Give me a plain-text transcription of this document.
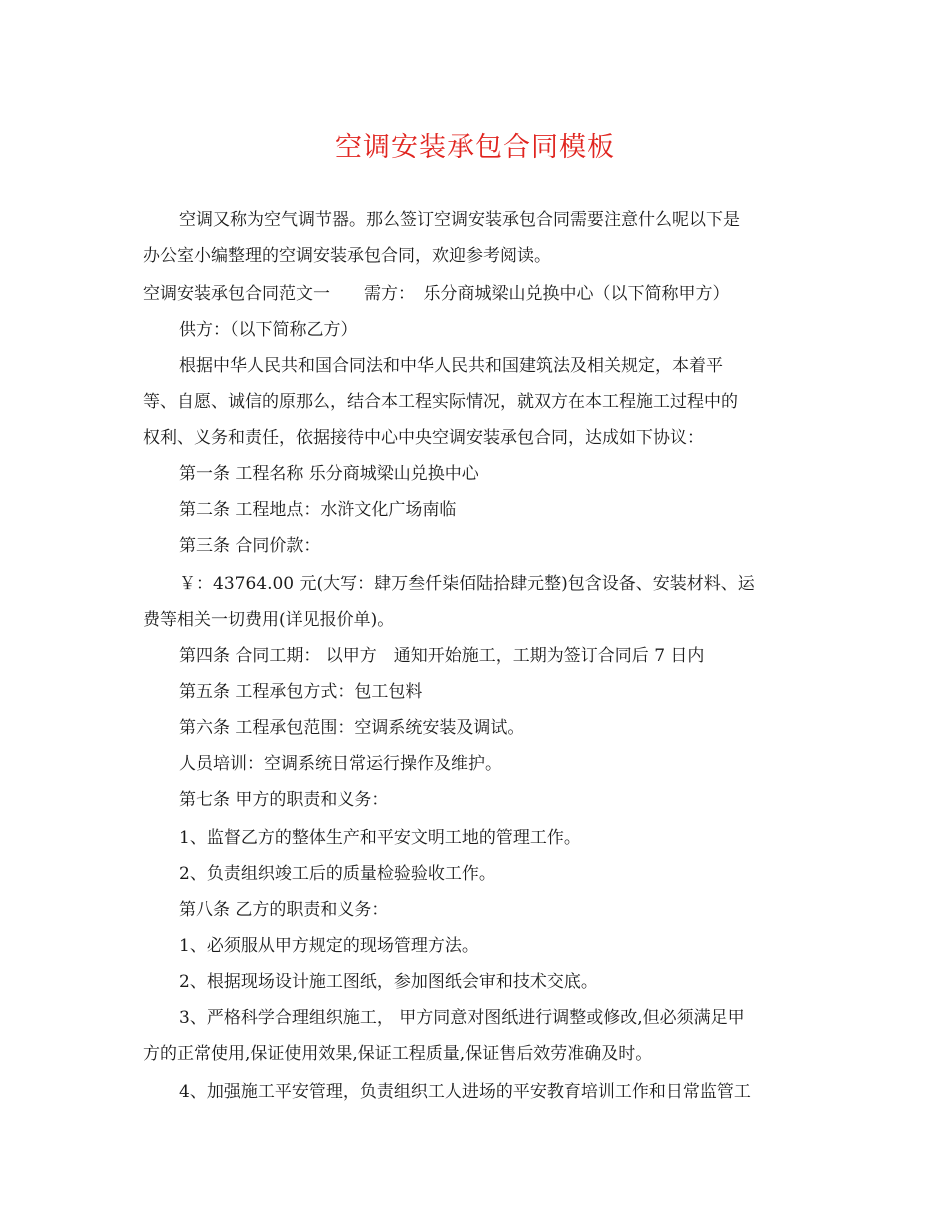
空调安装承包合同模板
空调又称为空气调节器。那么签订空调安装承包合同需要注意什么呢以下是
办公室小编整理的空调安装承包合同，欢迎参考阅读。
空调安装承包合同范文一　　需方：　乐分商城梁山兑换中心（以下简称甲方）
供方：（以下简称乙方）
根据中华人民共和国合同法和中华人民共和国建筑法及相关规定，本着平
等、自愿、诚信的原那么，结合本工程实际情况，就双方在本工程施工过程中的
权利、义务和责任，依据接待中心中央空调安装承包合同，达成如下协议：
第一条 工程名称 乐分商城梁山兑换中心
第二条 工程地点：水浒文化广场南临
第三条 合同价款：
￥：43764.00 元(大写：肆万叁仟柒佰陆拾肆元整)包含设备、安装材料、运
费等相关一切费用(详见报价单)。
第四条 合同工期： 以甲方　通知开始施工，工期为签订合同后 7 日内
第五条 工程承包方式：包工包料
第六条 工程承包范围：空调系统安装及调试。
人员培训：空调系统日常运行操作及维护。
第七条 甲方的职责和义务：
1、监督乙方的整体生产和平安文明工地的管理工作。
2、负责组织竣工后的质量检验验收工作。
第八条 乙方的职责和义务：
1、必须服从甲方规定的现场管理方法。
2、根据现场设计施工图纸，参加图纸会审和技术交底。
3、严格科学合理组织施工， 甲方同意对图纸进行调整或修改,但必须满足甲
方的正常使用,保证使用效果,保证工程质量,保证售后效劳准确及时。
4、加强施工平安管理，负责组织工人进场的平安教育培训工作和日常监管工
